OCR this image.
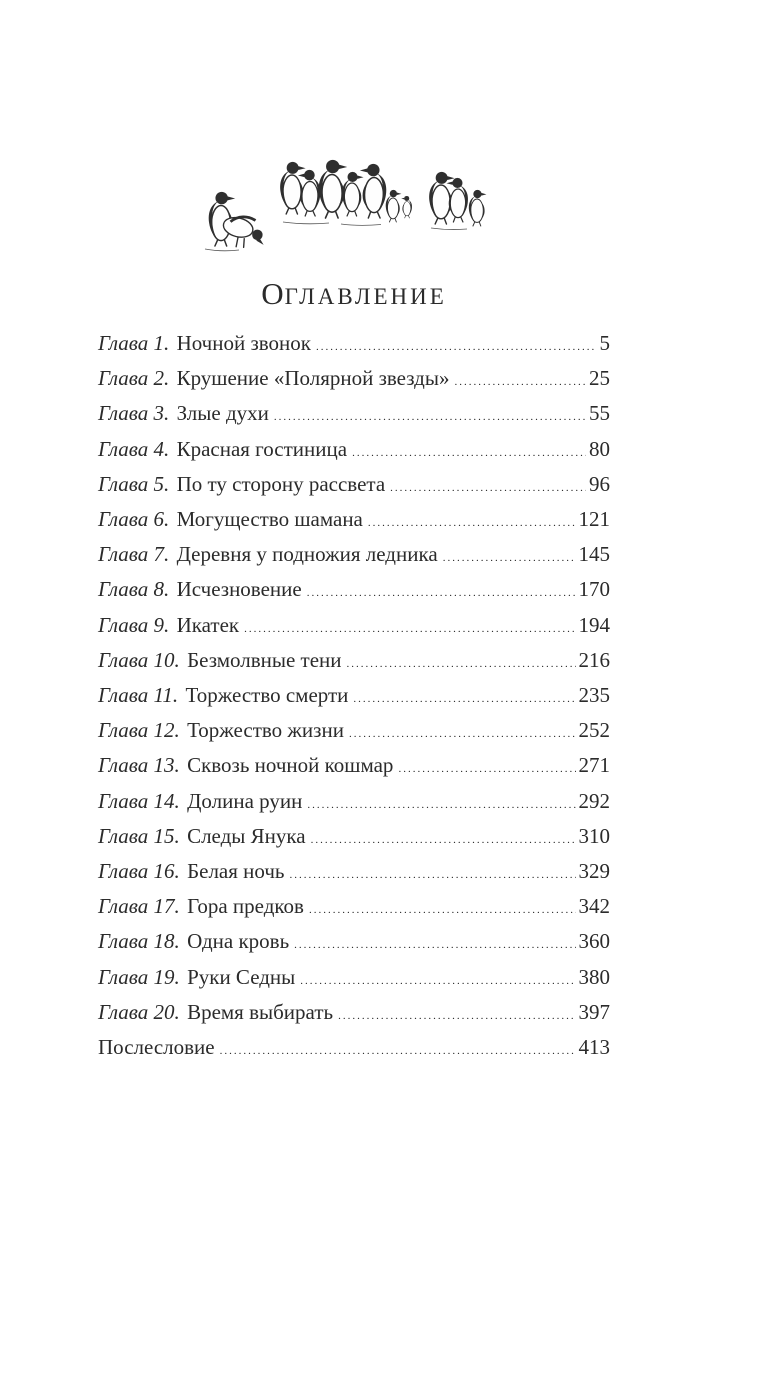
ОГЛАВЛЕНИЕ
Глава 1. Ночной звонок .....	5
Глава 2. Крушение «Полярной звезды» .....	25
Глава 3. Злые духи .....	55
Глава 4. Красная гостиница .....	80
Глава 5. По ту сторону рассвета .....	96
Глава 6. Могущество шамана .....	121
Глава 7. Деревня у подножия ледника .....	145
Глава 8. Исчезновение .....	170
Глава 9. Икатек .....	194
Глава 10. Безмолвные тени .....	216
Глава 11. Торжество смерти .....	235
Глава 12. Торжество жизни .....	252
Глава 13. Сквозь ночной кошмар .....	271
Глава 14. Долина руин .....	292
Глава 15. Следы Янука .....	310
Глава 16. Белая ночь .....	329
Глава 17. Гора предков .....	342
Глава 18. Одна кровь .....	360
Глава 19. Руки Седны .....	380
Глава 20. Время выбирать .....	397
Послесловие .....	413
